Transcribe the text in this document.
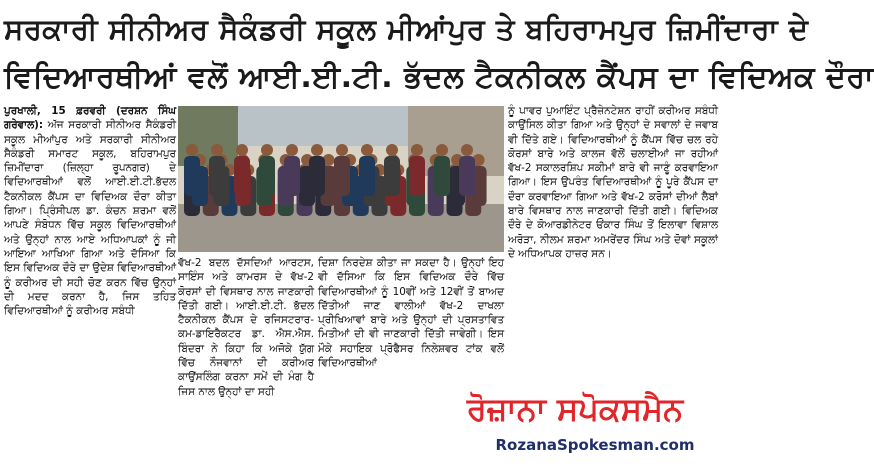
ਸਰਕਾਰੀ ਸੀਨੀਅਰ ਸੈਕੰਡਰੀ ਸਕੂਲ ਮੀਆਂਪੁਰ ਤੇ ਬਹਿਰਾਮਪੁਰ ਜ਼ਿਮੀਂਦਾਰਾ ਦੇ
ਵਿਦਿਆਰਥੀਆਂ ਵਲੋਂ ਆਈ.ਈ.ਟੀ. ਭੱਦਲ ਟੈਕਨੀਕਲ ਕੈਂਪਸ ਦਾ ਵਿਦਿਅਕ ਦੌਰਾ

ਪੁਰਖਾਲੀ, 15 ਫ਼ਰਵਰੀ (ਦਰਸ਼ਨ ਸਿੰਘ ਗਰੇਵਾਲ): ਅੱਜ ਸਰਕਾਰੀ ਸੀਨੀਅਰ ਸੈਕੰਡਰੀ ਸਕੂਲ ਮੀਆਂਪੁਰ ਅਤੇ ਸਰਕਾਰੀ ਸੀਨੀਅਰ ਸੈਕੰਡਰੀ ਸਮਾਰਟ ਸਕੂਲ, ਬਹਿਰਾਮਪੁਰ ਜ਼ਿਮੀਂਦਾਰਾ (ਜ਼ਿਲ੍ਹਾ ਰੂਪਨਗਰ) ਦੇ ਵਿਦਿਆਰਥੀਆਂ ਵਲੋਂ ਆਈ.ਈ.ਟੀ.ਭੱਦਲ ਟੈਕਨੀਕਲ ਕੈਂਪਸ ਦਾ ਵਿਦਿਅਕ ਦੌਰਾ ਕੀਤਾ ਗਿਆ। ਪ੍ਰਿੰਸੀਪਲ ਡਾ. ਕੰਚਨ ਸ਼ਰਮਾ ਵਲੋਂ ਆਪਣੇ ਸੰਬੋਧਨ ਵਿੱਚ ਸਕੂਲ ਵਿਦਿਆਰਥੀਆਂ ਅਤੇ ਉਨ੍ਹਾਂ ਨਾਲ ਆਏ ਅਧਿਆਪਕਾਂ ਨੂੰ ਜੀ ਆਇਆ ਆਖਿਆ ਗਿਆ ਅਤੇ ਦੱਸਿਆ ਕਿ ਇਸ ਵਿਦਿਅਕ ਦੌਰੇ ਦਾ ਉਦੇਸ਼ ਵਿਦਿਆਰਥੀਆਂ ਨੂੰ ਕਰੀਅਰ ਦੀ ਸਹੀ ਚੋਣ ਕਰਨ ਵਿੱਚ ਉਨ੍ਹਾਂ ਦੀ ਮਦਦ ਕਰਨਾ ਹੈ, ਜਿਸ ਤਹਿਤ ਵਿਦਿਆਰਥੀਆਂ ਨੂੰ ਕਰੀਅਰ ਸਬੰਧੀ

ਵੱਖ-2 ਬਦਲ ਦੱਸਦਿਆਂ ਆਰਟਸ, ਸਾਇੰਸ ਅਤੇ ਕਾਮਰਸ ਦੇ ਵੱਖ-2 ਕੋਰਸਾਂ ਦੀ ਵਿਸਥਾਰ ਨਾਲ ਜਾਣਕਾਰੀ ਦਿੱਤੀ ਗਈ। ਆਈ.ਈ.ਟੀ. ਭੱਦਲ ਟੈਕਨੀਕਲ ਕੈਂਪਸ ਦੇ ਰਜਿਸਟਰਾਰ-ਕਮ-ਡਾਇਰੈਕਟਰ ਡਾ. ਐਸ.ਐਸ. ਬਿੰਦਰਾ ਨੇ ਕਿਹਾ ਕਿ ਅਜੋਕੇ ਯੁੱਗ ਵਿੱਚ ਨੌਜਵਾਨਾਂ ਦੀ ਕਰੀਅਰ ਕਾਉਂਸਲਿੰਗ ਕਰਨਾ ਸਮੇਂ ਦੀ ਮੰਗ ਹੈ ਜਿਸ ਨਾਲ ਉਨ੍ਹਾਂ ਦਾ ਸਹੀ

ਦਿਸ਼ਾ ਨਿਰਦੇਸ਼ ਕੀਤਾ ਜਾ ਸਕਦਾ ਹੈ। ਉਨ੍ਹਾਂ ਇਹ ਵੀ ਦੱਸਿਆ ਕਿ ਇਸ ਵਿਦਿਅਕ ਦੌਰੇ ਵਿੱਚ ਵਿਦਿਆਰਥੀਆਂ ਨੂੰ 10ਵੀਂ ਅਤੇ 12ਵੀਂ ਤੋਂ ਬਾਅਦ ਦਿੱਤੀਆਂ ਜਾਣ ਵਾਲੀਆਂ ਵੱਖ-2 ਦਾਖਲਾ ਪ੍ਰੀਖਿਆਵਾਂ ਬਾਰੇ ਅਤੇ ਉਨ੍ਹਾਂ ਦੀ ਪ੍ਰਸਤਾਵਿਤ ਮਿਤੀਆਂ ਦੀ ਵੀ ਜਾਣਕਾਰੀ ਦਿੱਤੀ ਜਾਵੇਗੀ। ਇਸ ਮੌਕੇ ਸਹਾਇਕ ਪ੍ਰੋਫੈਸਰ ਨਿਲੇਸ਼ਵਰ ਟਾਂਕ ਵਲੋਂ ਵਿਦਿਆਰਥੀਆਂ

ਨੂੰ ਪਾਵਰ ਪੁਆਇੰਟ ਪ੍ਰੈਜ਼ੇਨਟੇਸ਼ਨ ਰਾਹੀਂ ਕਰੀਅਰ ਸਬੰਧੀ ਕਾਉਂਸਿਲ ਕੀਤਾ ਗਿਆ ਅਤੇ ਉਨ੍ਹਾਂ ਦੇ ਸਵਾਲਾਂ ਦੇ ਜਵਾਬ ਵੀ ਦਿੱਤੇ ਗਏ। ਵਿਦਿਆਰਥੀਆਂ ਨੂੰ ਕੈਂਪਸ ਵਿੱਚ ਚਲ ਰਹੇ ਕੋਰਸਾਂ ਬਾਰੇ ਅਤੇ ਕਾਲਜ ਵੱਲੋਂ ਚਲਾਈਆਂ ਜਾ ਰਹੀਆਂ ਵੱਖ-2 ਸਕਾਲਰਸ਼ਿਪ ਸਕੀਮਾਂ ਬਾਰੇ ਵੀ ਜਾਣੂੰ ਕਰਵਾਇਆ ਗਿਆ। ਇਸ ਉਪਰੰਤ ਵਿਦਿਆਰਥੀਆਂ ਨੂੰ ਪੂਰੇ ਕੈਂਪਸ ਦਾ ਦੌਰਾ ਕਰਵਾਇਆ ਗਿਆ ਅਤੇ ਵੱਖ-2 ਕਰੋਸਾਂ ਦੀਆਂ ਲੈਬਾਂ ਬਾਰੇ ਵਿਸਥਾਰ ਨਾਲ ਜਾਣਕਾਰੀ ਦਿੱਤੀ ਗਈ। ਵਿਦਿਅਕ ਦੌਰੇ ਦੇ ਕੋਆਰਡੀਨੇਟਰ ਓਂਕਾਰ ਸਿੰਘ ਤੋਂ ਇਲਾਵਾ ਵਿਸ਼ਾਲ ਅਰੋੜਾ, ਨੀਲਮ ਸ਼ਰਮਾ ਅਮਰੇਂਦਰ ਸਿੰਘ ਅਤੇ ਦੋਵਾਂ ਸਕੂਲਾਂ ਦੇ ਅਧਿਆਪਕ ਹਾਜ਼ਰ ਸਨ।

ਰੋਜ਼ਾਨਾ ਸਪੋਕਸਮੈਨ
RozanaSpokesman.com
